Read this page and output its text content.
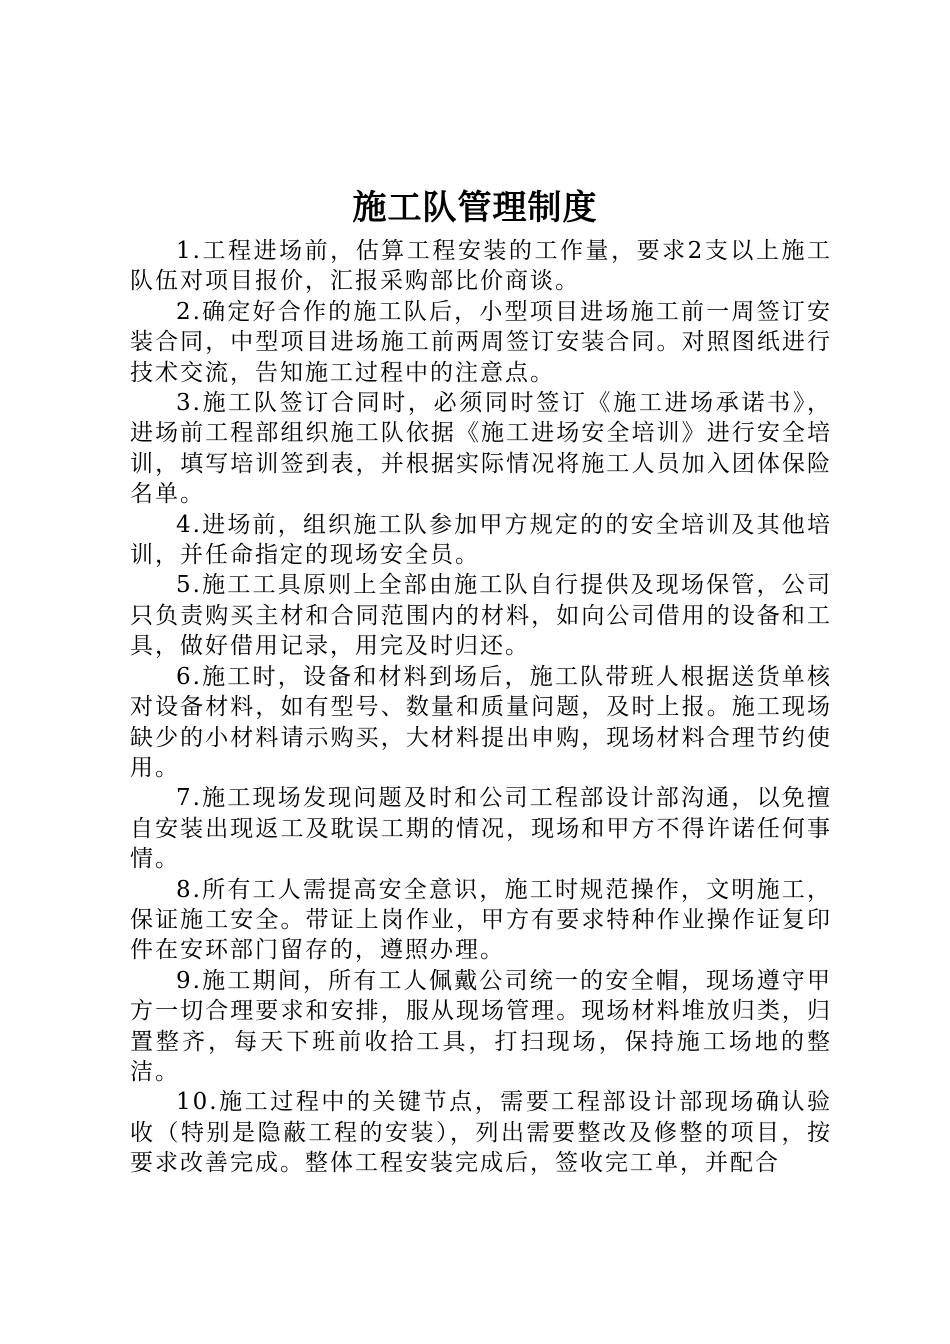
施工队管理制度

1.工程进场前，估算工程安装的工作量，要求2支以上施工队伍对项目报价，汇报采购部比价商谈。

2.确定好合作的施工队后，小型项目进场施工前一周签订安装合同，中型项目进场施工前两周签订安装合同。对照图纸进行技术交流，告知施工过程中的注意点。

3.施工队签订合同时，必须同时签订《施工进场承诺书》，进场前工程部组织施工队依据《施工进场安全培训》进行安全培训，填写培训签到表，并根据实际情况将施工人员加入团体保险名单。

4.进场前，组织施工队参加甲方规定的的安全培训及其他培训，并任命指定的现场安全员。

5.施工工具原则上全部由施工队自行提供及现场保管，公司只负责购买主材和合同范围内的材料，如向公司借用的设备和工具，做好借用记录，用完及时归还。

6.施工时，设备和材料到场后，施工队带班人根据送货单核对设备材料，如有型号、数量和质量问题，及时上报。施工现场缺少的小材料请示购买，大材料提出申购，现场材料合理节约使用。

7.施工现场发现问题及时和公司工程部设计部沟通，以免擅自安装出现返工及耽误工期的情况，现场和甲方不得许诺任何事情。

8.所有工人需提高安全意识，施工时规范操作，文明施工，保证施工安全。带证上岗作业，甲方有要求特种作业操作证复印件在安环部门留存的，遵照办理。

9.施工期间，所有工人佩戴公司统一的安全帽，现场遵守甲方一切合理要求和安排，服从现场管理。现场材料堆放归类，归置整齐，每天下班前收拾工具，打扫现场，保持施工场地的整洁。

10.施工过程中的关键节点，需要工程部设计部现场确认验收（特别是隐蔽工程的安装），列出需要整改及修整的项目，按要求改善完成。整体工程安装完成后，签收完工单，并配合
